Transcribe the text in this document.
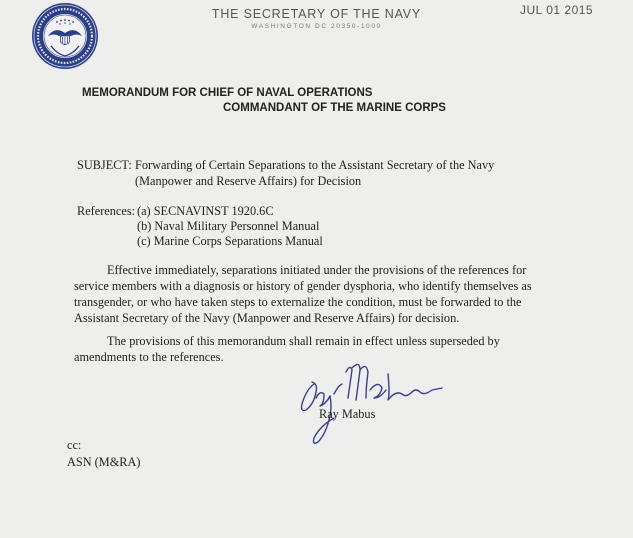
THE SECRETARY OF THE NAVY
WASHINGTON DC 20350-1000
JUL 01 2015
MEMORANDUM FOR CHIEF OF NAVAL OPERATIONS
COMMANDANT OF THE MARINE CORPS
SUBJECT: Forwarding of Certain Separations to the Assistant Secretary of the Navy
(Manpower and Reserve Affairs) for Decision
References: (a) SECNAVINST 1920.6C
(b) Naval Military Personnel Manual
(c) Marine Corps Separations Manual
Effective immediately, separations initiated under the provisions of the references for
service members with a diagnosis or history of gender dysphoria, who identify themselves as
transgender, or who have taken steps to externalize the condition, must be forwarded to the
Assistant Secretary of the Navy (Manpower and Reserve Affairs) for decision.
The provisions of this memorandum shall remain in effect unless superseded by
amendments to the references.
Ray Mabus
cc:
ASN (M&RA)
